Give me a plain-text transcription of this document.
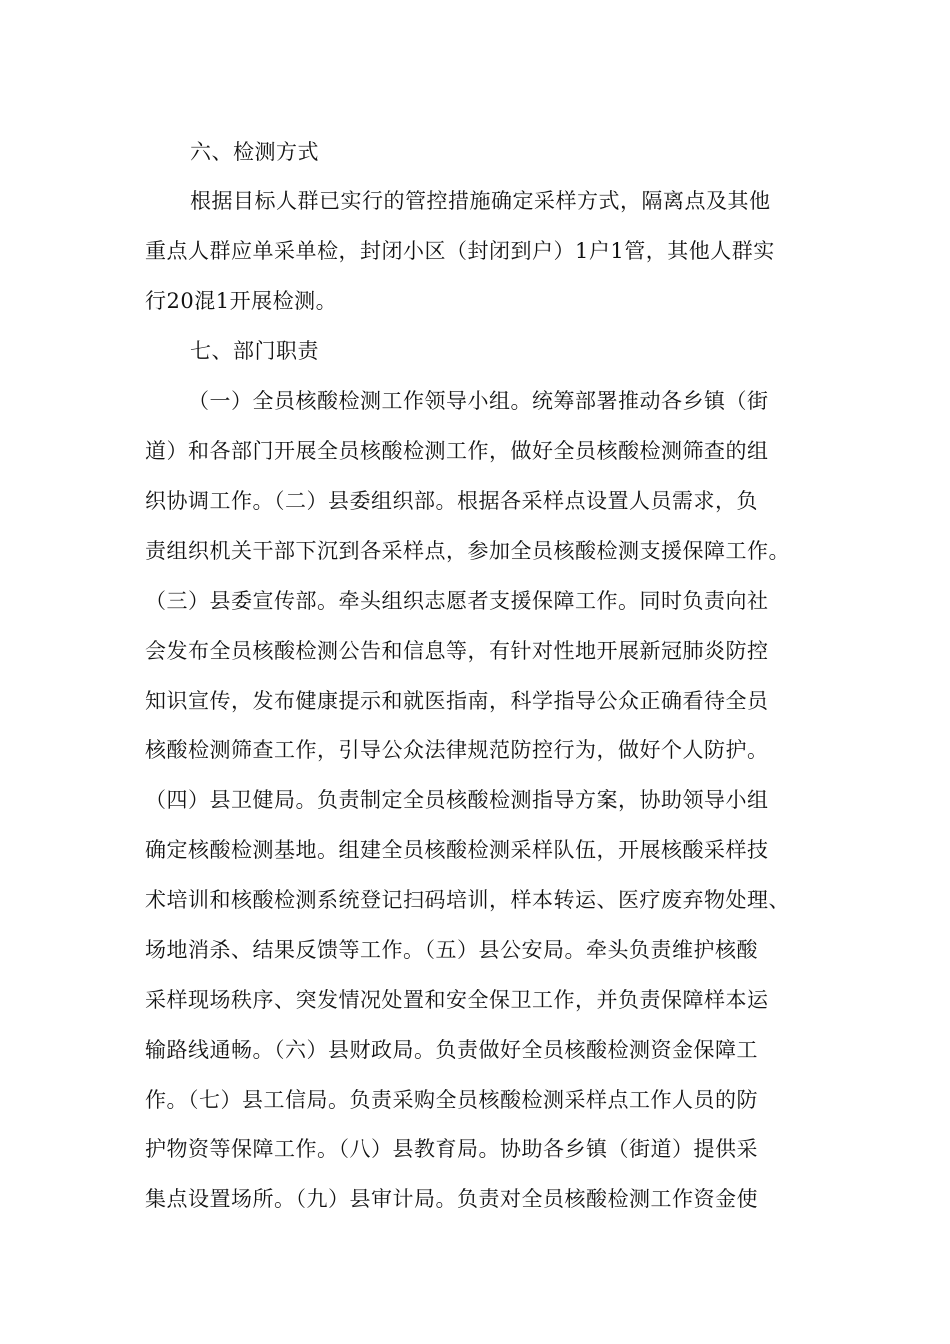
六、检测方式
根据目标人群已实行的管控措施确定采样方式，隔离点及其他
重点人群应单采单检，封闭小区（封闭到户）1户1管，其他人群实
行20混1开展检测。
七、部门职责
（一）全员核酸检测工作领导小组。统筹部署推动各乡镇（街
道）和各部门开展全员核酸检测工作，做好全员核酸检测筛查的组
织协调工作。（二）县委组织部。根据各采样点设置人员需求，负
责组织机关干部下沉到各采样点，参加全员核酸检测支援保障工作。
（三）县委宣传部。牵头组织志愿者支援保障工作。同时负责向社
会发布全员核酸检测公告和信息等，有针对性地开展新冠肺炎防控
知识宣传，发布健康提示和就医指南，科学指导公众正确看待全员
核酸检测筛查工作，引导公众法律规范防控行为，做好个人防护。
（四）县卫健局。负责制定全员核酸检测指导方案，协助领导小组
确定核酸检测基地。组建全员核酸检测采样队伍，开展核酸采样技
术培训和核酸检测系统登记扫码培训，样本转运、医疗废弃物处理、
场地消杀、结果反馈等工作。（五）县公安局。牵头负责维护核酸
采样现场秩序、突发情况处置和安全保卫工作，并负责保障样本运
输路线通畅。（六）县财政局。负责做好全员核酸检测资金保障工
作。（七）县工信局。负责采购全员核酸检测采样点工作人员的防
护物资等保障工作。（八）县教育局。协助各乡镇（街道）提供采
集点设置场所。（九）县审计局。负责对全员核酸检测工作资金使
